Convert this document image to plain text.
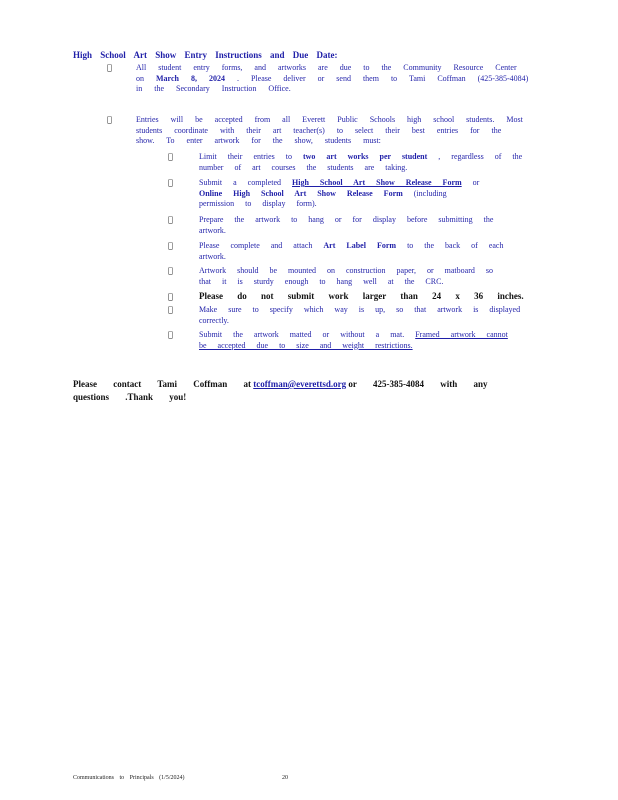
High School Art Show Entry Instructions and Due Date:

All student entry forms, and artworks are due to the Community Resource Center

on March 8, 2024 . Please deliver or send them to Tami Coffman (425-385-4084)

in the Secondary Instruction Office.

Entries will be accepted from all Everett Public Schools high school students. Most

students coordinate with their art teacher(s) to select their best entries for the

show. To enter artwork for the show, students must:

Limit their entries to two art works per student , regardless of the

number of art courses the students are taking.

Submit a completed High School Art Show Release Form or

Online High School Art Show Release Form (including

permission to display form).

Prepare the artwork to hang or for display before submitting the

artwork.

Please complete and attach Art Label Form to the back of each

artwork.

Artwork should be mounted on construction paper, or matboard so

that it is sturdy enough to hang well at the CRC.

Please do not submit work larger than 24 x 36 inches.

Make sure to specify which way is up, so that artwork is displayed

correctly.

Submit the artwork matted or without a mat. Framed artwork cannot

be accepted due to size and weight restrictions.

Please contact Tami Coffman at tcoffman@everettsd.org or 425-385-4084 with any questions .Thank you!
Communications to Principals (1/5/2024)	20
